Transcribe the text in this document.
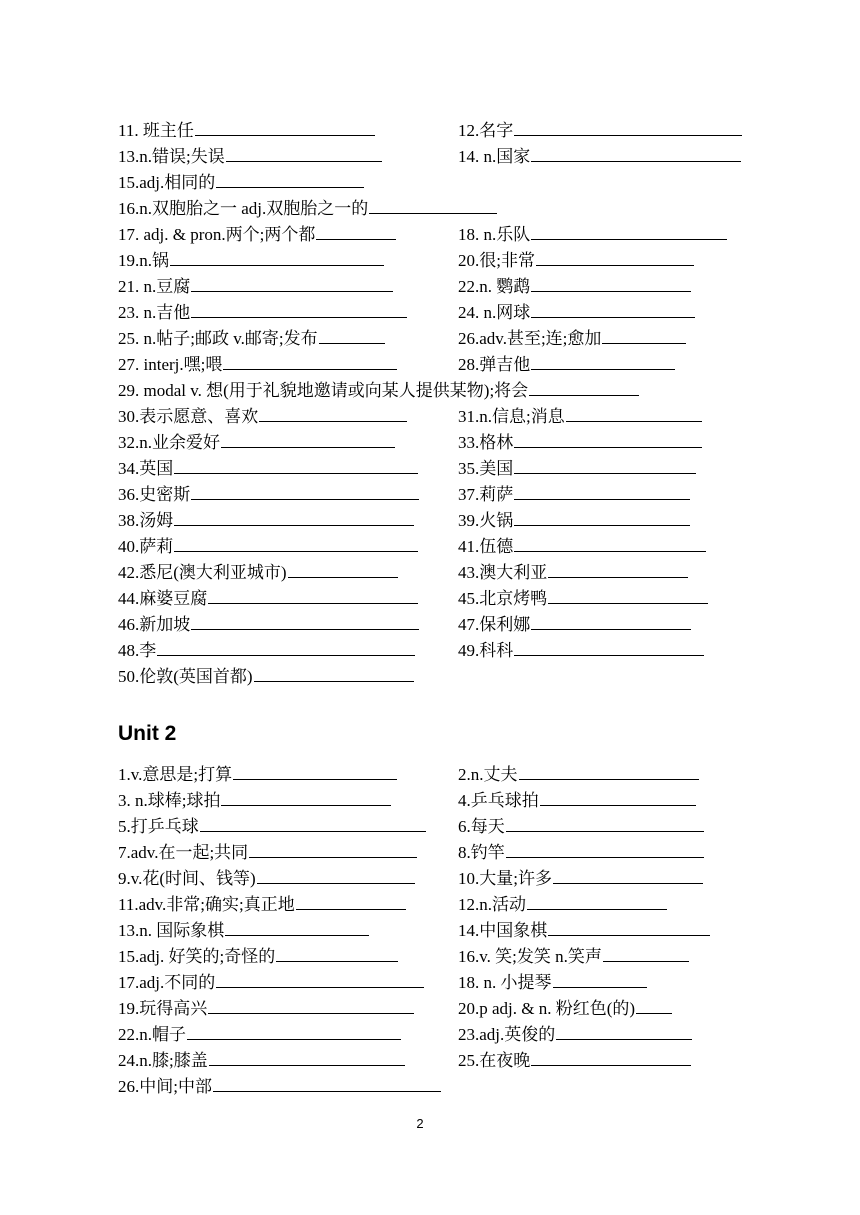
11. 班主任	12.名字
13.n.错误;失误	14. n.国家
15.adj.相同的
16.n.双胞胎之一 adj.双胞胎之一的
17. adj. & pron.两个;两个都	18. n.乐队
19.n.锅	20.很;非常
21. n.豆腐	22.n. 鹦鹉
23. n.吉他	24. n.网球
25. n.帖子;邮政 v.邮寄;发布	26.adv.甚至;连;愈加
27. interj.嘿;喂	28.弹吉他
29. modal v. 想(用于礼貌地邀请或向某人提供某物);将会
30.表示愿意、喜欢	31.n.信息;消息
32.n.业余爱好	33.格林
34.英国	35.美国
36.史密斯	37.莉萨
38.汤姆	39.火锅
40.萨莉	41.伍德
42.悉尼(澳大利亚城市)	43.澳大利亚
44.麻婆豆腐	45.北京烤鸭
46.新加坡	47.保利娜
48.李	49.科科
50.伦敦(英国首都)
Unit 2
1.v.意思是;打算	2.n.丈夫
3. n.球棒;球拍	4.乒乓球拍
5.打乒乓球	6.每天
7.adv.在一起;共同	8.钓竿
9.v.花(时间、钱等)	10.大量;许多
11.adv.非常;确实;真正地	12.n.活动
13.n. 国际象棋	14.中国象棋
15.adj. 好笑的;奇怪的	16.v. 笑;发笑 n.笑声
17.adj.不同的	18. n. 小提琴
19.玩得高兴	20.p adj. & n. 粉红色(的)
22.n.帽子	23.adj.英俊的
24.n.膝;膝盖	25.在夜晚
26.中间;中部
2
